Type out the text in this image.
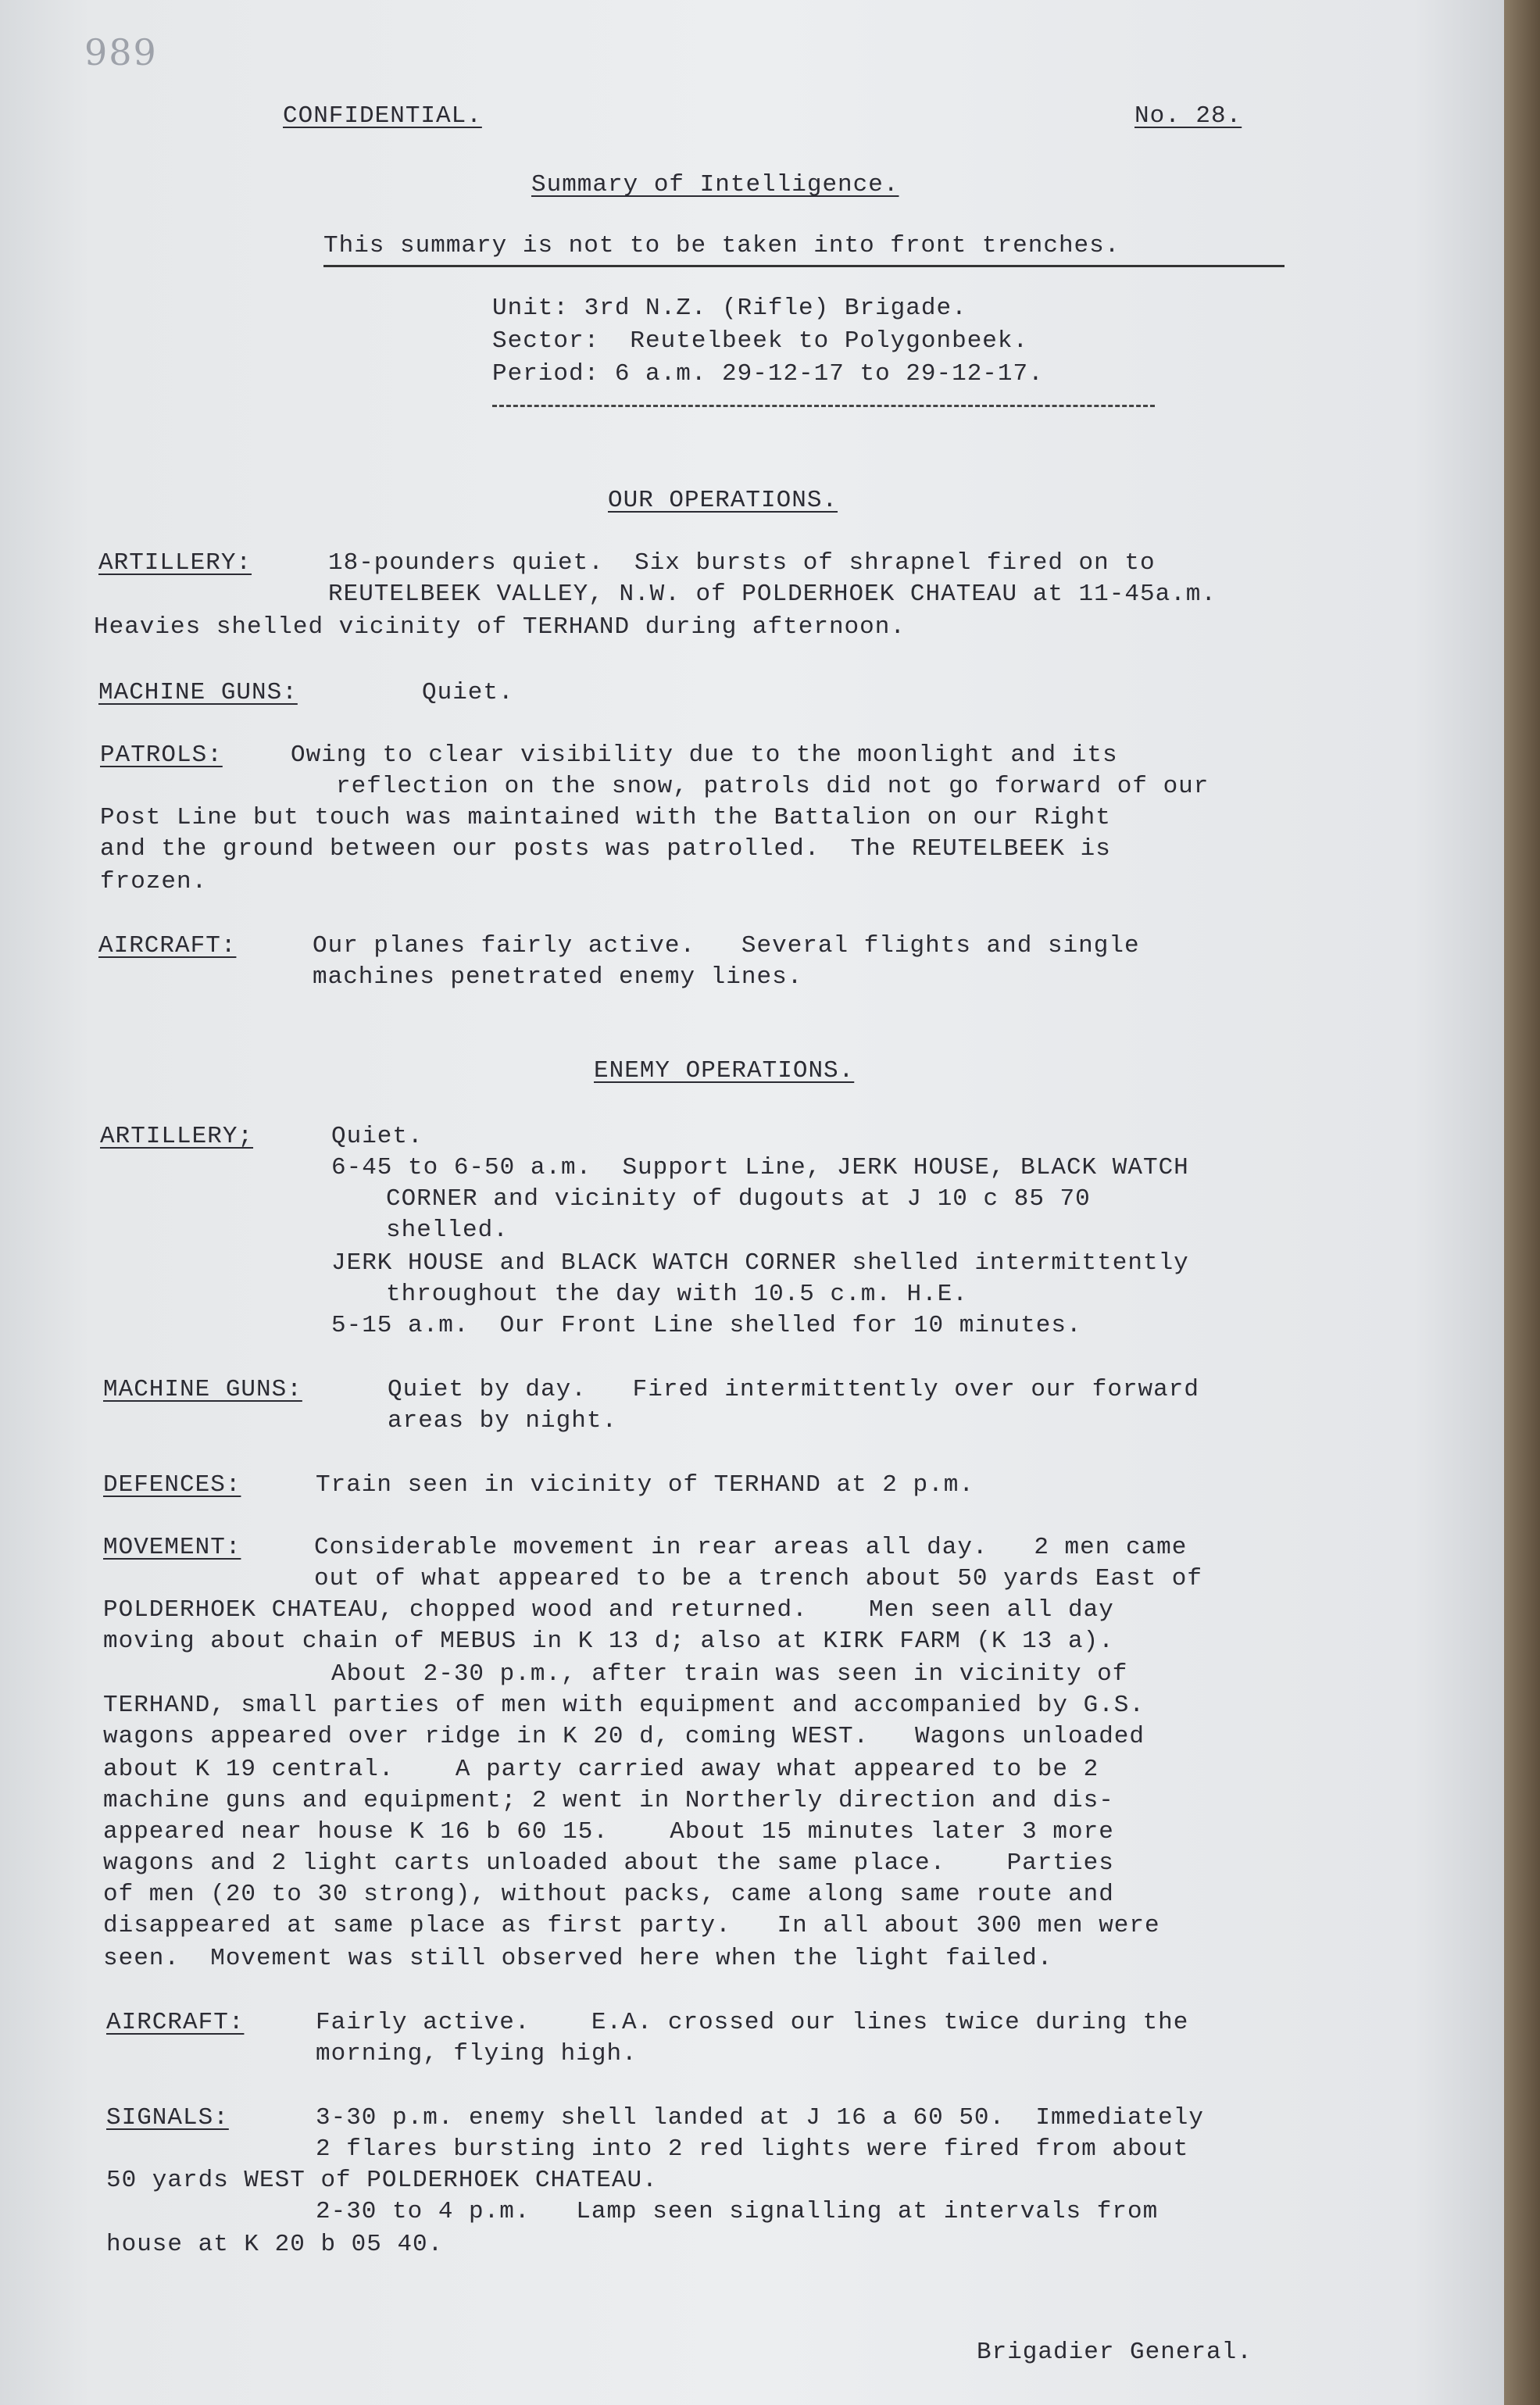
989

CONFIDENTIAL.	No. 28.

Summary of Intelligence.

This summary is not to be taken into front trenches.

Unit: 3rd N.Z. (Rifle) Brigade.

Sector:  Reutelbeek to Polygonbeek.

Period: 6 a.m. 29-12-17 to 29-12-17.

OUR OPERATIONS.

ARTILLERY:	18-pounders quiet.  Six bursts of shrapnel fired on to

REUTELBEEK VALLEY, N.W. of POLDERHOEK CHATEAU at 11-45a.m.

Heavies shelled vicinity of TERHAND during afternoon.

MACHINE GUNS:	Quiet.

PATROLS:	Owing to clear visibility due to the moonlight and its

reflection on the snow, patrols did not go forward of our

Post Line but touch was maintained with the Battalion on our Right

and the ground between our posts was patrolled.  The REUTELBEEK is

frozen.

AIRCRAFT:	Our planes fairly active.   Several flights and single

machines penetrated enemy lines.

ENEMY OPERATIONS.

ARTILLERY;	Quiet.

6-45 to 6-50 a.m.  Support Line, JERK HOUSE, BLACK WATCH

CORNER and vicinity of dugouts at J 10 c 85 70

shelled.

JERK HOUSE and BLACK WATCH CORNER shelled intermittently

throughout the day with 10.5 c.m. H.E.

5-15 a.m.  Our Front Line shelled for 10 minutes.

MACHINE GUNS:	Quiet by day.   Fired intermittently over our forward

areas by night.

DEFENCES:	Train seen in vicinity of TERHAND at 2 p.m.

MOVEMENT:	Considerable movement in rear areas all day.   2 men came

out of what appeared to be a trench about 50 yards East of

POLDERHOEK CHATEAU, chopped wood and returned.    Men seen all day

moving about chain of MEBUS in K 13 d; also at KIRK FARM (K 13 a).

About 2-30 p.m., after train was seen in vicinity of

TERHAND, small parties of men with equipment and accompanied by G.S.

wagons appeared over ridge in K 20 d, coming WEST.   Wagons unloaded

about K 19 central.    A party carried away what appeared to be 2

machine guns and equipment; 2 went in Northerly direction and dis-

appeared near house K 16 b 60 15.    About 15 minutes later 3 more

wagons and 2 light carts unloaded about the same place.    Parties

of men (20 to 30 strong), without packs, came along same route and

disappeared at same place as first party.   In all about 300 men were

seen.  Movement was still observed here when the light failed.

AIRCRAFT:	Fairly active.    E.A. crossed our lines twice during the

morning, flying high.

SIGNALS:	3-30 p.m. enemy shell landed at J 16 a 60 50.  Immediately

2 flares bursting into 2 red lights were fired from about

50 yards WEST of POLDERHOEK CHATEAU.

2-30 to 4 p.m.   Lamp seen signalling at intervals from

house at K 20 b 05 40.

Brigadier General.
